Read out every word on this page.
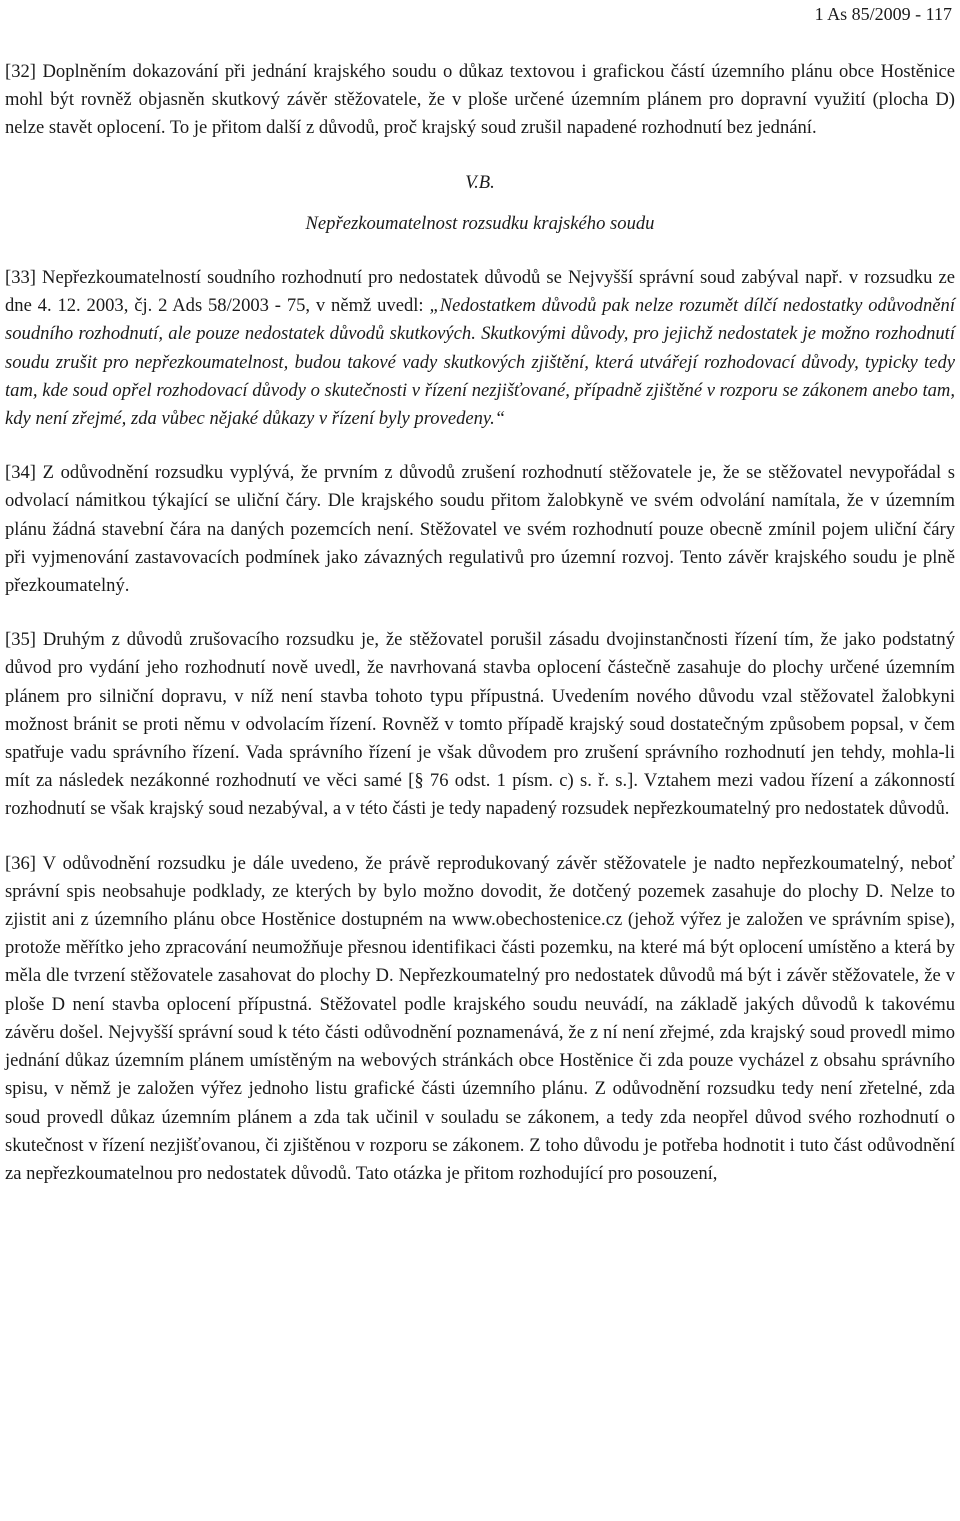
1 As 85/2009 - 117

[32] Doplněním dokazování při jednání krajského soudu o důkaz textovou i grafickou částí územního plánu obce Hostěnice mohl být rovněž objasněn skutkový závěr stěžovatele, že v ploše určené územním plánem pro dopravní využití (plocha D) nelze stavět oplocení. To je přitom další z důvodů, proč krajský soud zrušil napadené rozhodnutí bez jednání.

V.B.

Nepřezkoumatelnost rozsudku krajského soudu

[33] Nepřezkoumatelností soudního rozhodnutí pro nedostatek důvodů se Nejvyšší správní soud zabýval např. v rozsudku ze dne 4. 12. 2003, čj. 2 Ads 58/2003 - 75, v němž uvedl: „Nedostatkem důvodů pak nelze rozumět dílčí nedostatky odůvodnění soudního rozhodnutí, ale pouze nedostatek důvodů skutkových. Skutkovými důvody, pro jejichž nedostatek je možno rozhodnutí soudu zrušit pro nepřezkoumatelnost, budou takové vady skutkových zjištění, která utvářejí rozhodovací důvody, typicky tedy tam, kde soud opřel rozhodovací důvody o skutečnosti v řízení nezjišťované, případně zjištěné v rozporu se zákonem anebo tam, kdy není zřejmé, zda vůbec nějaké důkazy v řízení byly provedeny.“

[34] Z odůvodnění rozsudku vyplývá, že prvním z důvodů zrušení rozhodnutí stěžovatele je, že se stěžovatel nevypořádal s odvolací námitkou týkající se uliční čáry. Dle krajského soudu přitom žalobkyně ve svém odvolání namítala, že v územním plánu žádná stavební čára na daných pozemcích není. Stěžovatel ve svém rozhodnutí pouze obecně zmínil pojem uliční čáry při vyjmenování zastavovacích podmínek jako závazných regulativů pro územní rozvoj. Tento závěr krajského soudu je plně přezkoumatelný.

[35] Druhým z důvodů zrušovacího rozsudku je, že stěžovatel porušil zásadu dvojinstančnosti řízení tím, že jako podstatný důvod pro vydání jeho rozhodnutí nově uvedl, že navrhovaná stavba oplocení částečně zasahuje do plochy určené územním plánem pro silniční dopravu, v níž není stavba tohoto typu přípustná. Uvedením nového důvodu vzal stěžovatel žalobkyni možnost bránit se proti němu v odvolacím řízení. Rovněž v tomto případě krajský soud dostatečným způsobem popsal, v čem spatřuje vadu správního řízení. Vada správního řízení je však důvodem pro zrušení správního rozhodnutí jen tehdy, mohla-li mít za následek nezákonné rozhodnutí ve věci samé [§ 76 odst. 1 písm. c) s. ř. s.]. Vztahem mezi vadou řízení a zákonností rozhodnutí se však krajský soud nezabýval, a v této části je tedy napadený rozsudek nepřezkoumatelný pro nedostatek důvodů.

[36] V odůvodnění rozsudku je dále uvedeno, že právě reprodukovaný závěr stěžovatele je nadto nepřezkoumatelný, neboť správní spis neobsahuje podklady, ze kterých by bylo možno dovodit, že dotčený pozemek zasahuje do plochy D. Nelze to zjistit ani z územního plánu obce Hostěnice dostupném na www.obechostenice.cz (jehož výřez je založen ve správním spise), protože měřítko jeho zpracování neumožňuje přesnou identifikaci části pozemku, na které má být oplocení umístěno a která by měla dle tvrzení stěžovatele zasahovat do plochy D. Nepřezkoumatelný pro nedostatek důvodů má být i závěr stěžovatele, že v ploše D není stavba oplocení přípustná. Stěžovatel podle krajského soudu neuvádí, na základě jakých důvodů k takovému závěru došel. Nejvyšší správní soud k této části odůvodnění poznamenává, že z ní není zřejmé, zda krajský soud provedl mimo jednání důkaz územním plánem umístěným na webových stránkách obce Hostěnice či zda pouze vycházel z obsahu správního spisu, v němž je založen výřez jednoho listu grafické části územního plánu. Z odůvodnění rozsudku tedy není zřetelné, zda soud provedl důkaz územním plánem a zda tak učinil v souladu se zákonem, a tedy zda neopřel důvod svého rozhodnutí o skutečnost v řízení nezjišťovanou, či zjištěnou v rozporu se zákonem. Z toho důvodu je potřeba hodnotit i tuto část odůvodnění za nepřezkoumatelnou pro nedostatek důvodů. Tato otázka je přitom rozhodující pro posouzení,
